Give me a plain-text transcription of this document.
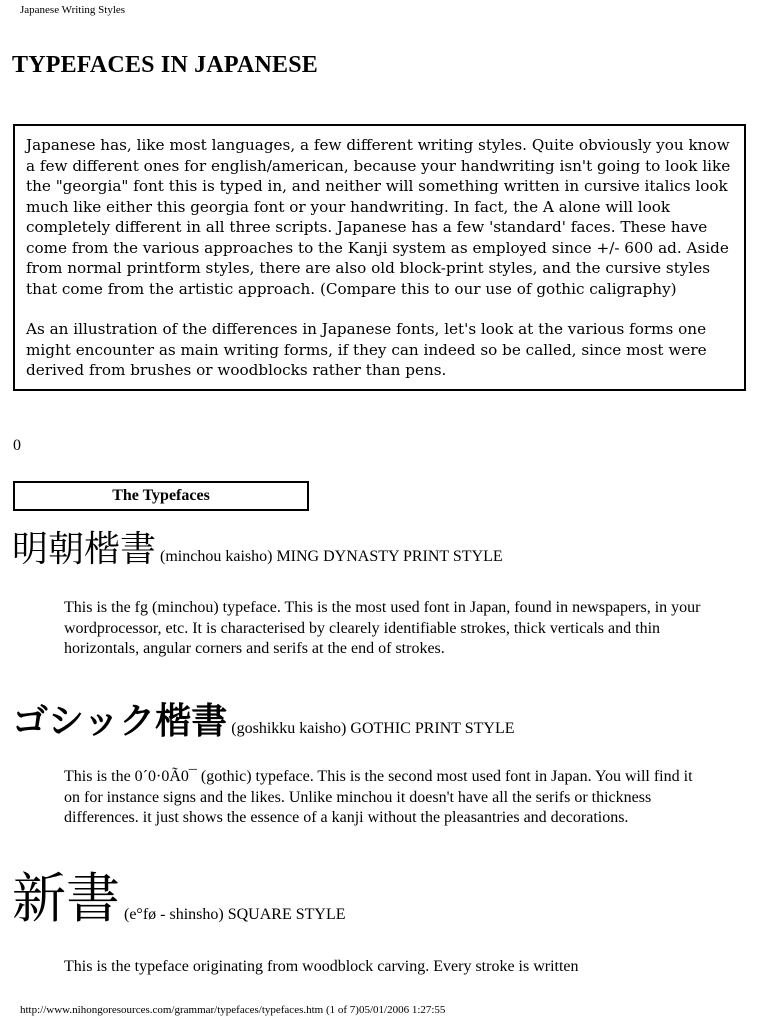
Japanese Writing Styles
TYPEFACES IN JAPANESE

Japanese has, like most languages, a few different writing styles. Quite obviously you know a few different ones for english/american, because your handwriting isn't going to look like the "georgia" font this is typed in, and neither will something written in cursive italics look much like either this georgia font or your handwriting. In fact, the A alone will look completely different in all three scripts. Japanese has a few 'standard' faces. These have come from the various approaches to the Kanji system as employed since +/- 600 ad. Aside from normal printform styles, there are also old block-print styles, and the cursive styles that come from the artistic approach. (Compare this to our use of gothic caligraphy)

As an illustration of the differences in Japanese fonts, let's look at the various forms one might encounter as main writing forms, if they can indeed so be called, since most were derived from brushes or woodblocks rather than pens.

0
The Typefaces
明朝楷書 (minchou kaisho) MING DYNASTY PRINT STYLE

This is the fg (minchou) typeface. This is the most used font in Japan, found in newspapers, in your wordprocessor, etc. It is characterised by clearely identifiable strokes, thick verticals and thin horizontals, angular corners and serifs at the end of strokes.

ゴシック楷書 (goshikku kaisho) GOTHIC PRINT STYLE

This is the 0´0·0Ã0¯ (gothic) typeface. This is the second most used font in Japan. You will find it on for instance signs and the likes. Unlike minchou it doesn't have all the serifs or thickness differences. it just shows the essence of a kanji without the pleasantries and decorations.

新書 (e°fø - shinsho) SQUARE STYLE

This is the typeface originating from woodblock carving. Every stroke is written

http://www.nihongoresources.com/grammar/typefaces/typefaces.htm (1 of 7)05/01/2006 1:27:55
